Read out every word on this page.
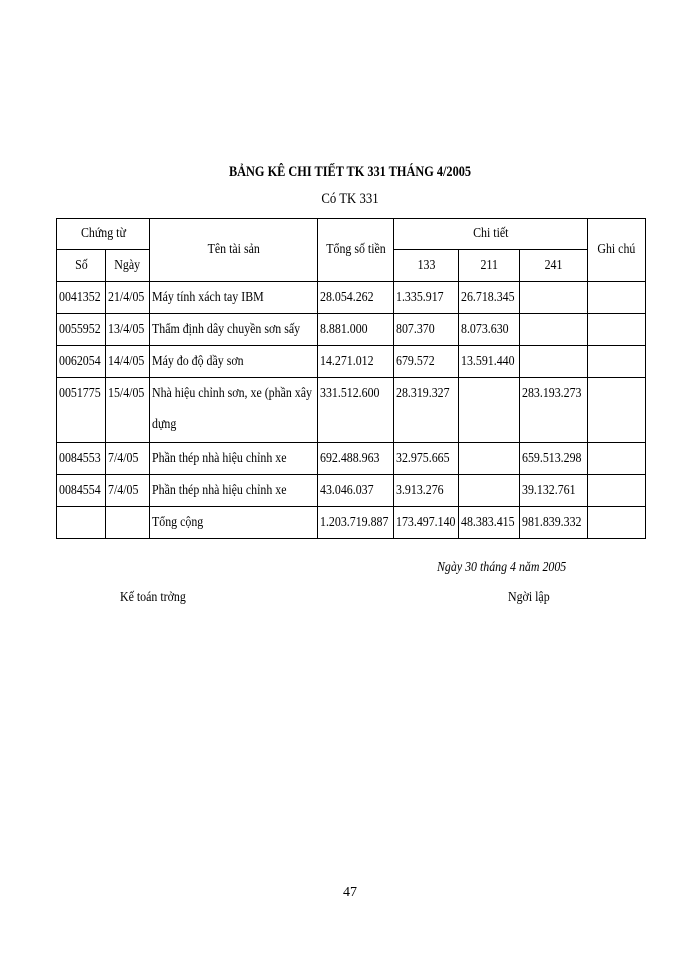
BẢNG KÊ CHI TIẾT TK 331 THÁNG 4/2005
Có TK 331
Chứng từ		Tên tài sản	Tổng số tiền	Chi tiết			Ghi chú
Số	Ngày			133	211	241	
0041352	21/4/05	Máy tính xách tay IBM	28.054.262	1.335.917	26.718.345		
0055952	13/4/05	Thẩm định dây chuyền sơn sấy	8.881.000	807.370	8.073.630		
0062054	14/4/05	Máy đo độ dầy sơn	14.271.012	679.572	13.591.440		
0051775	15/4/05	Nhà hiệu chỉnh sơn, xe (phần xây dựng	331.512.600	28.319.327		283.193.273	
0084553	7/4/05	Phần thép nhà hiệu chỉnh xe	692.488.963	32.975.665		659.513.298	
0084554	7/4/05	Phần thép nhà hiệu chỉnh xe	43.046.037	3.913.276		39.132.761	
		Tổng cộng	1.203.719.887	173.497.140	48.383.415	981.839.332	
Ngày 30 tháng 4 năm 2005
Kế toán trởng	Ngời lập
47
